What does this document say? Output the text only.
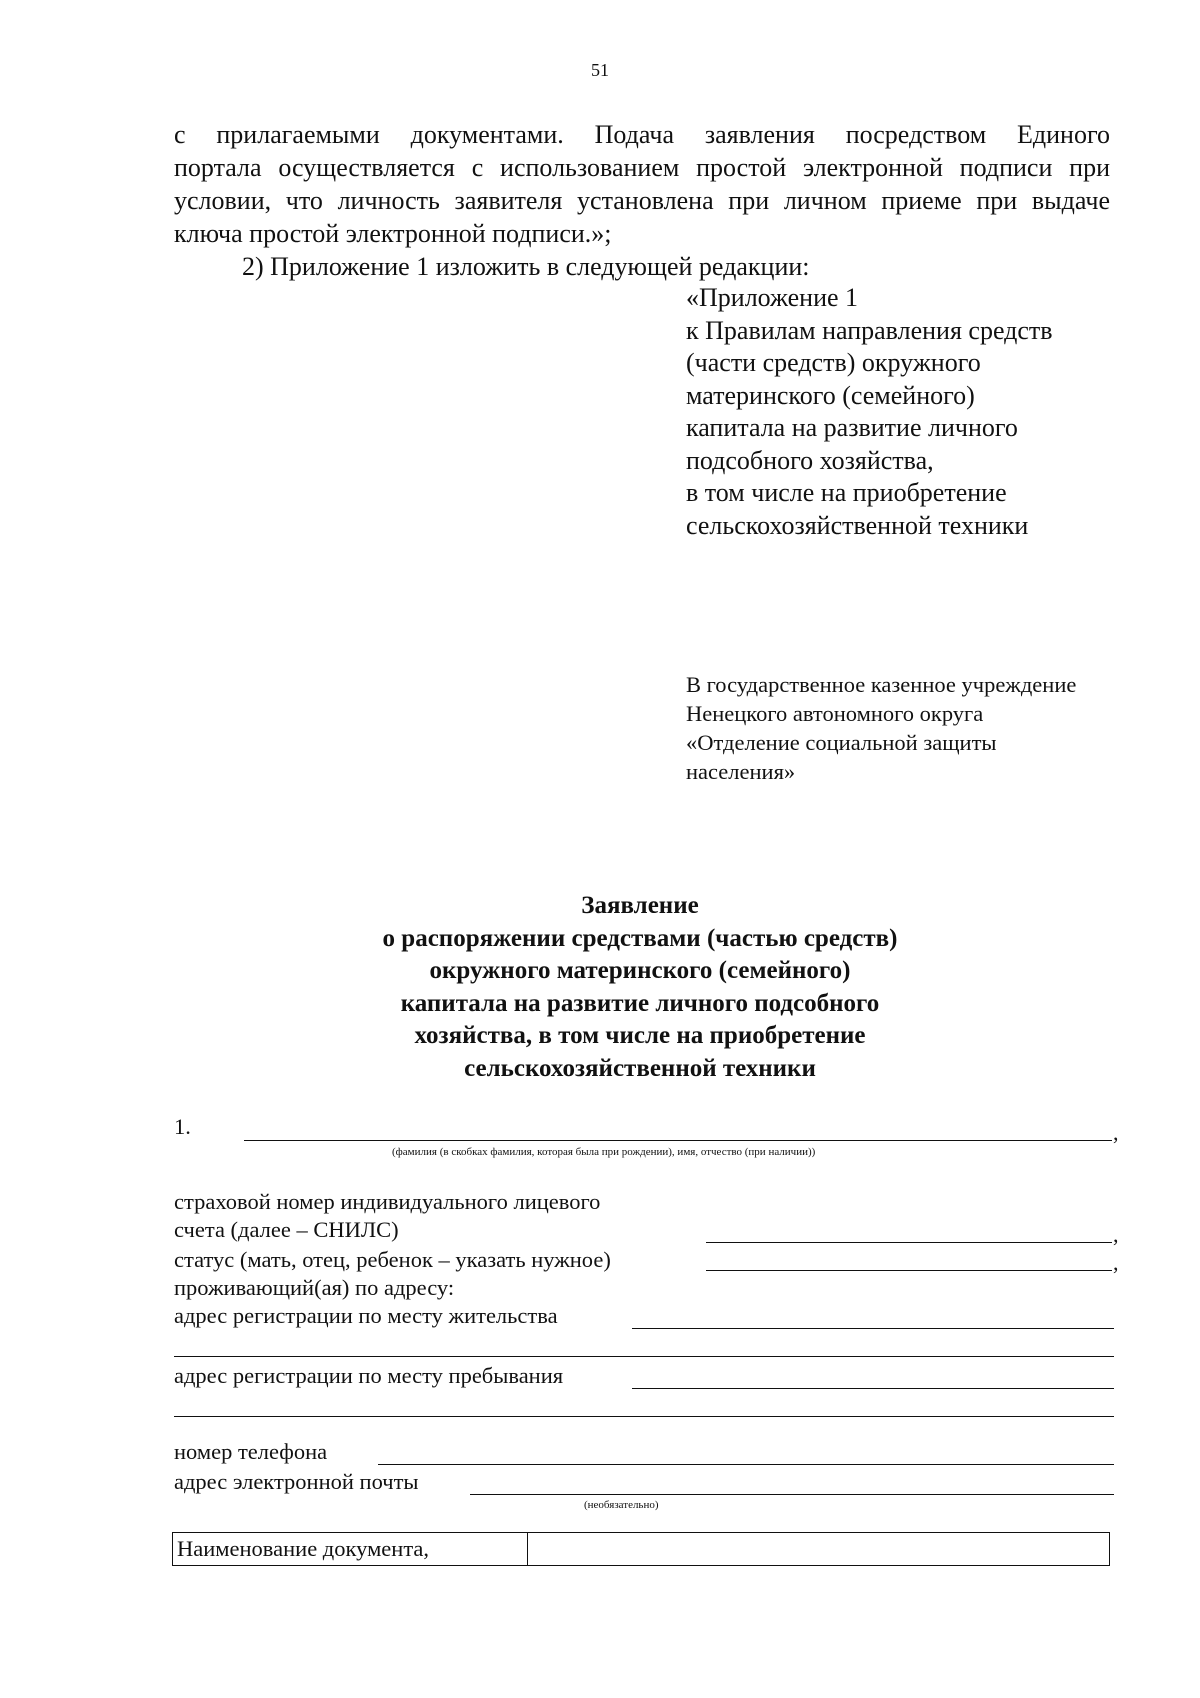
51
с прилагаемыми документами. Подача заявления посредством Единого
портала осуществляется с использованием простой электронной подписи при
условии, что личность заявителя установлена при личном приеме при выдаче
ключа простой электронной подписи.»;
2) Приложение 1 изложить в следующей редакции:
«Приложение 1
к Правилам направления средств
(части средств) окружного
материнского (семейного)
капитала на развитие личного
подсобного хозяйства,
в том числе на приобретение
сельскохозяйственной техники
В государственное казенное учреждение
Ненецкого автономного округа
«Отделение социальной защиты
населения»
Заявление
о распоряжении средствами (частью средств)
окружного материнского (семейного)
капитала на развитие личного подсобного
хозяйства, в том числе на приобретение
сельскохозяйственной техники
1.	,
(фамилия (в скобках фамилия, которая была при рождении), имя, отчество (при наличии))
страховой номер индивидуального лицевого
счета (далее – СНИЛС)	,
статус (мать, отец, ребенок – указать нужное)	,
проживающий(ая) по адресу:
адрес регистрации по месту жительства
адрес регистрации по месту пребывания
номер телефона
адрес электронной почты
(необязательно)
Наименование документа,	
